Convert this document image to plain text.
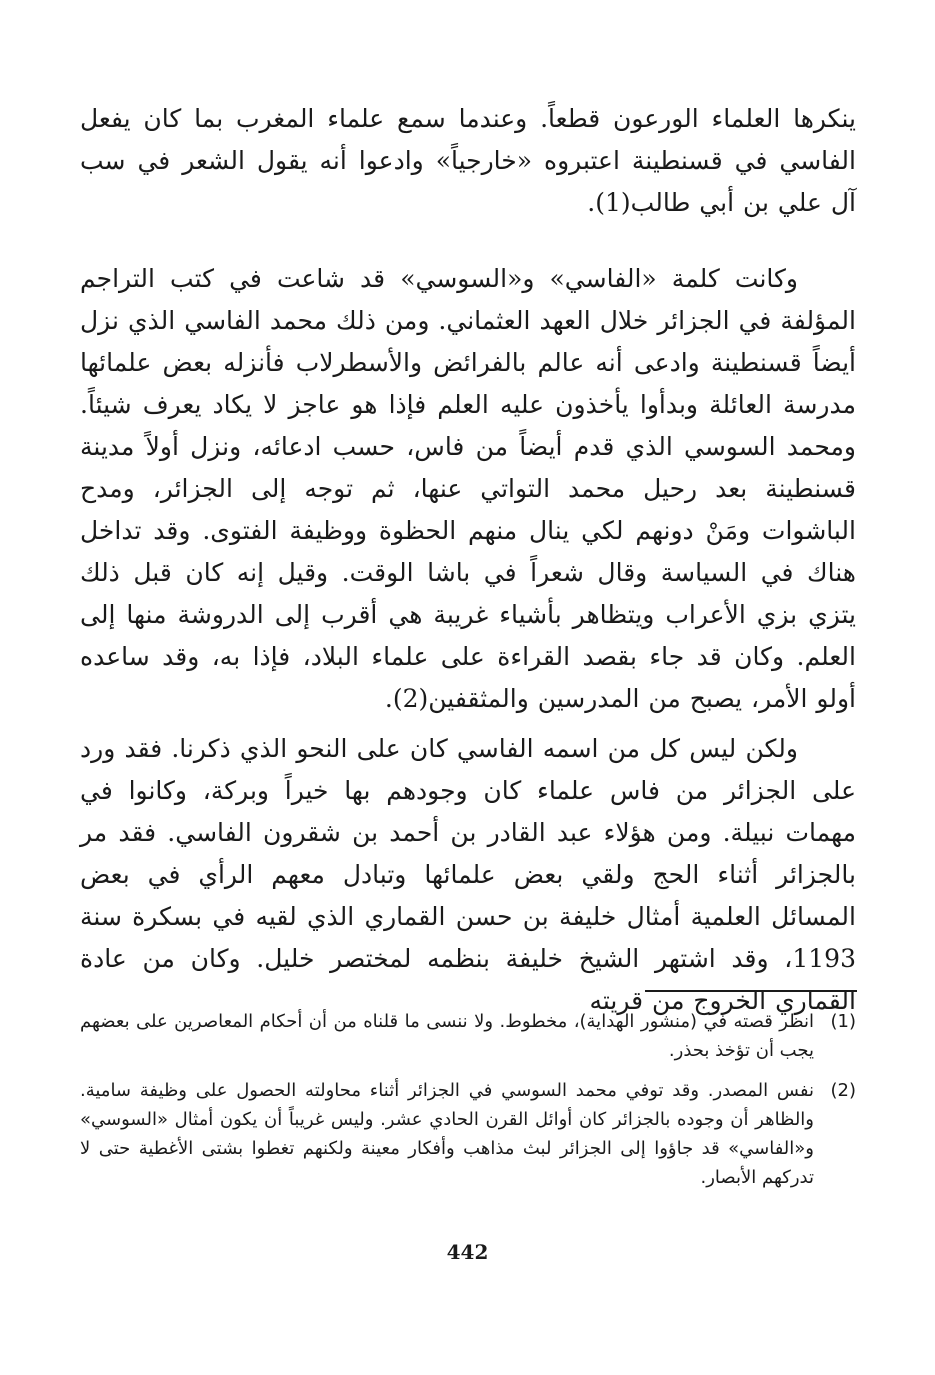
ينكرها العلماء الورعون قطعاً. وعندما سمع علماء المغرب بما كان يفعل الفاسي في قسنطينة اعتبروه «خارجياً» وادعوا أنه يقول الشعر في سب آل علي بن أبي طالب(1).

وكانت كلمة «الفاسي» و«السوسي» قد شاعت في كتب التراجم المؤلفة في الجزائر خلال العهد العثماني. ومن ذلك محمد الفاسي الذي نزل أيضاً قسنطينة وادعى أنه عالم بالفرائض والأسطرلاب فأنزله بعض علمائها مدرسة العائلة وبدأوا يأخذون عليه العلم فإذا هو عاجز لا يكاد يعرف شيئاً. ومحمد السوسي الذي قدم أيضاً من فاس، حسب ادعائه، ونزل أولاً مدينة قسنطينة بعد رحيل محمد التواتي عنها، ثم توجه إلى الجزائر، ومدح الباشوات ومَنْ دونهم لكي ينال منهم الحظوة ووظيفة الفتوى. وقد تداخل هناك في السياسة وقال شعراً في باشا الوقت. وقيل إنه كان قبل ذلك يتزي بزي الأعراب ويتظاهر بأشياء غريبة هي أقرب إلى الدروشة منها إلى العلم. وكان قد جاء بقصد القراءة على علماء البلاد، فإذا به، وقد ساعده أولو الأمر، يصبح من المدرسين والمثقفين(2).

ولكن ليس كل من اسمه الفاسي كان على النحو الذي ذكرنا. فقد ورد على الجزائر من فاس علماء كان وجودهم بها خيراً وبركة، وكانوا في مهمات نبيلة. ومن هؤلاء عبد القادر بن أحمد بن شقرون الفاسي. فقد مر بالجزائر أثناء الحج ولقي بعض علمائها وتبادل معهم الرأي في بعض المسائل العلمية أمثال خليفة بن حسن القماري الذي لقيه في بسكرة سنة 1193، وقد اشتهر الشيخ خليفة بنظمه لمختصر خليل. وكان من عادة القماري الخروج من قريته

(1)
انظر قصته في (منشور الهداية)، مخطوط. ولا ننسى ما قلناه من أن أحكام المعاصرين على بعضهم يجب أن تؤخذ بحذر.
(2)
نفس المصدر. وقد توفي محمد السوسي في الجزائر أثناء محاولته الحصول على وظيفة سامية. والظاهر أن وجوده بالجزائر كان أوائل القرن الحادي عشر. وليس غريباً أن يكون أمثال «السوسي» و«الفاسي» قد جاؤوا إلى الجزائر لبث مذاهب وأفكار معينة ولكنهم تغطوا بشتى الأغطية حتى لا تدركهم الأبصار.
442
